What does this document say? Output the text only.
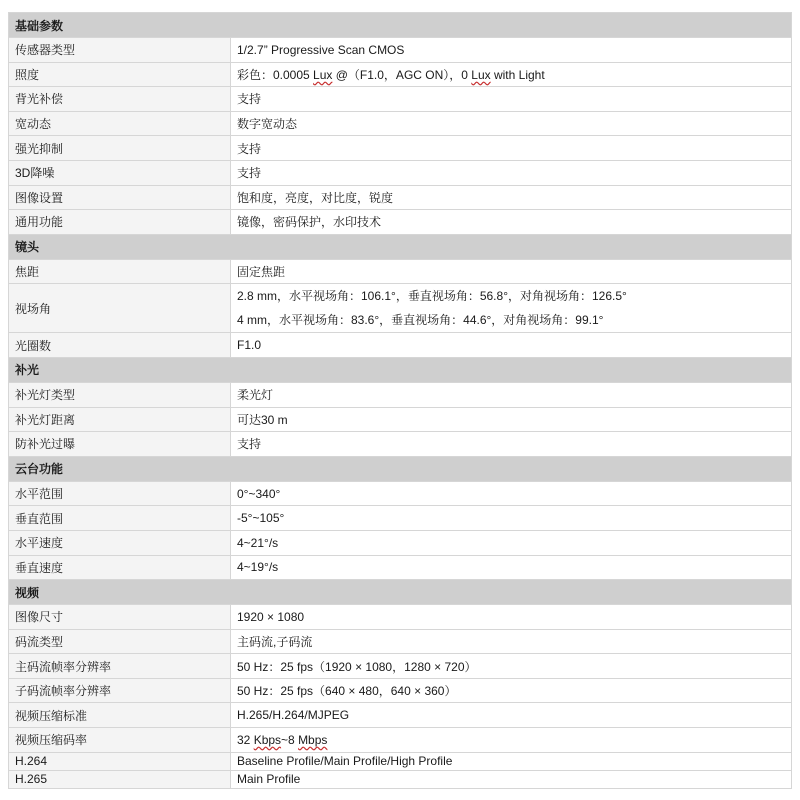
基础参数	
传感器类型	1/2.7” Progressive Scan CMOS
照度	彩色：0.0005 Lux @（F1.0，AGC ON），0 Lux with Light
背光补偿	支持
宽动态	数字宽动态
强光抑制	支持
3D降噪	支持
图像设置	饱和度，亮度，对比度，锐度
通用功能	镜像，密码保护，水印技术
镜头	
焦距	固定焦距
视场角	2.8 mm，水平视场角：106.1°，垂直视场角：56.8°，对角视场角：126.5°
4 mm，水平视场角：83.6°，垂直视场角：44.6°，对角视场角：99.1°

光圈数	F1.0
补光	
补光灯类型	柔光灯
补光灯距离	可达30 m
防补光过曝	支持
云台功能	
水平范围	0°~340°
垂直范围	-5°~105°
水平速度	4~21°/s
垂直速度	4~19°/s
视频	
图像尺寸	1920 × 1080
码流类型	主码流,子码流
主码流帧率分辨率	50 Hz：25 fps（1920 × 1080，1280 × 720）
子码流帧率分辨率	50 Hz：25 fps（640 × 480，640 × 360）
视频压缩标准	H.265/H.264/MJPEG
视频压缩码率	32 Kbps~8 Mbps
H.264	Baseline Profile/Main Profile/High Profile
H.265	Main Profile
